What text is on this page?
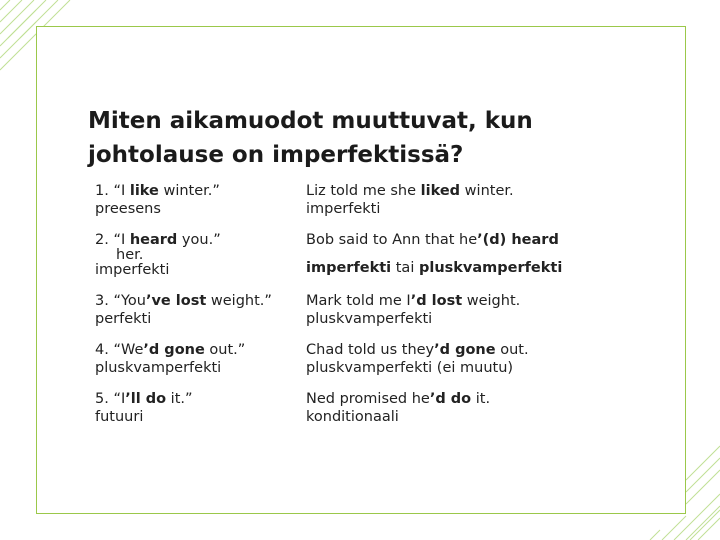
Miten aikamuodot muuttuvat, kun
johtolause on imperfektissä?
1. “I like winter.”
preesens
Liz told me she liked winter.
imperfekti
2. “I heard you.”
her.
imperfekti
Bob said to Ann that he’(d) heard
imperfekti tai pluskvamperfekti
3. “You’ve lost weight.”
perfekti
Mark told me I’d lost weight.
pluskvamperfekti
4. “We’d gone out.”
pluskvamperfekti
Chad told us they’d gone out.
pluskvamperfekti (ei muutu)
5. “I’ll do it.”
futuuri
Ned promised he’d do it.
konditionaali
